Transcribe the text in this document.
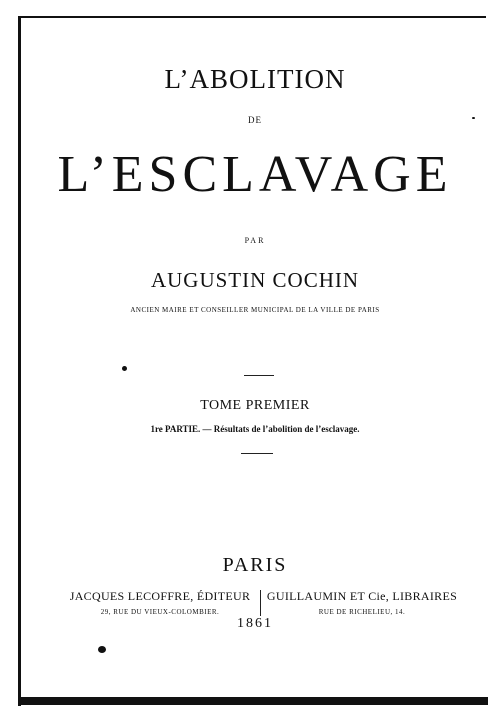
L’ABOLITION
DE
L’ESCLAVAGE
PAR
AUGUSTIN COCHIN
ANCIEN MAIRE ET CONSEILLER MUNICIPAL DE LA VILLE DE PARIS
TOME PREMIER
1re PARTIE. — Résultats de l’abolition de l’esclavage.
PARIS
JACQUES LECOFFRE, ÉDITEUR
29, RUE DU VIEUX-COLOMBIER.
GUILLAUMIN ET Cie, LIBRAIRES
RUE DE RICHELIEU, 14.
1861
